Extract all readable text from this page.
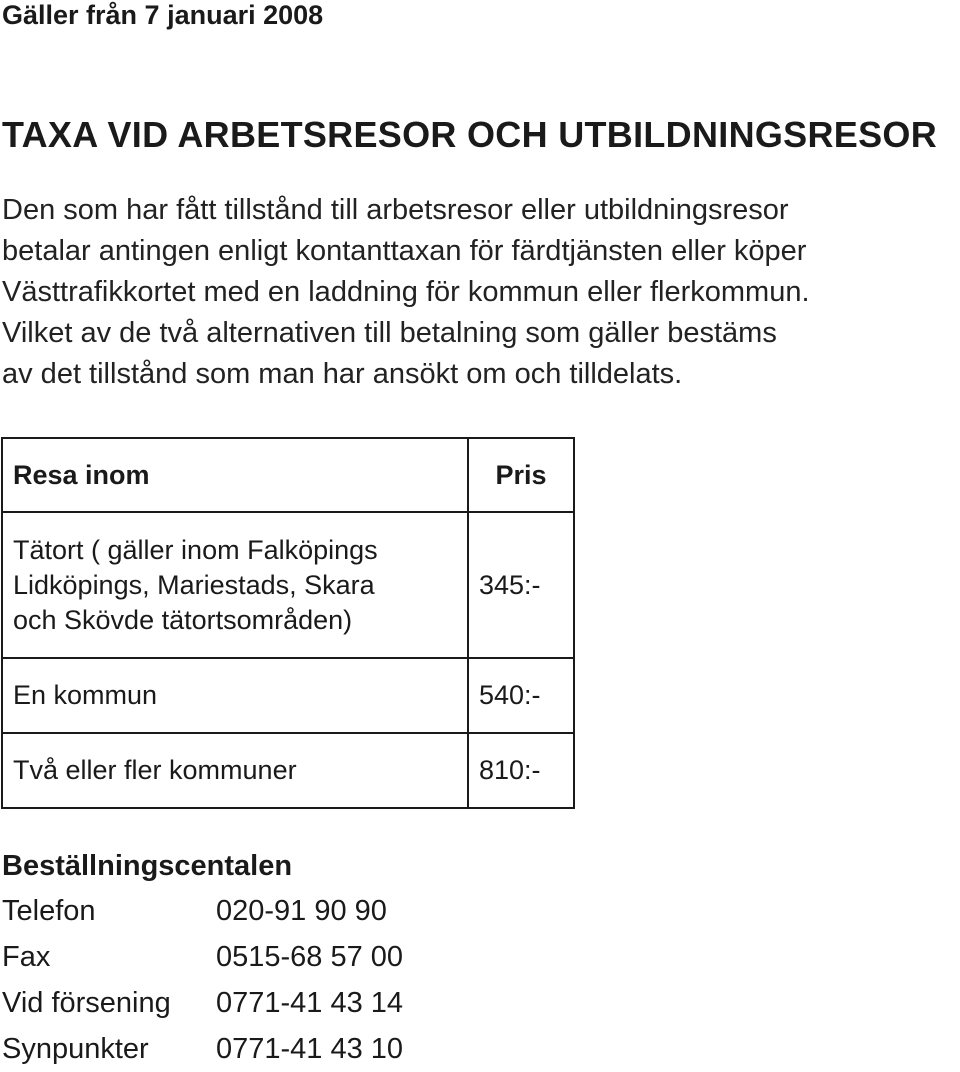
Gäller från 7 januari 2008

TAXA VID ARBETSRESOR OCH UTBILDNINGSRESOR

Den som har fått tillstånd till arbetsresor eller utbildningsresor
betalar antingen enligt kontanttaxan för färdtjänsten eller köper
Västtrafikkortet med en laddning för kommun eller flerkommun.
Vilket av de två alternativen till betalning som gäller bestäms
av det tillstånd som man har ansökt om och tilldelats.

Resa inom	Pris

Tätort ( gäller inom Falköpings
Lidköpings, Mariestads, Skara
och Skövde tätortsområden)	345:-
En kommun	540:-
Två eller fler kommuner	810:-
Beställningscentalen
Telefon	020-91 90 90
Fax	0515-68 57 00
Vid försening	0771-41 43 14
Synpunkter	0771-41 43 10
